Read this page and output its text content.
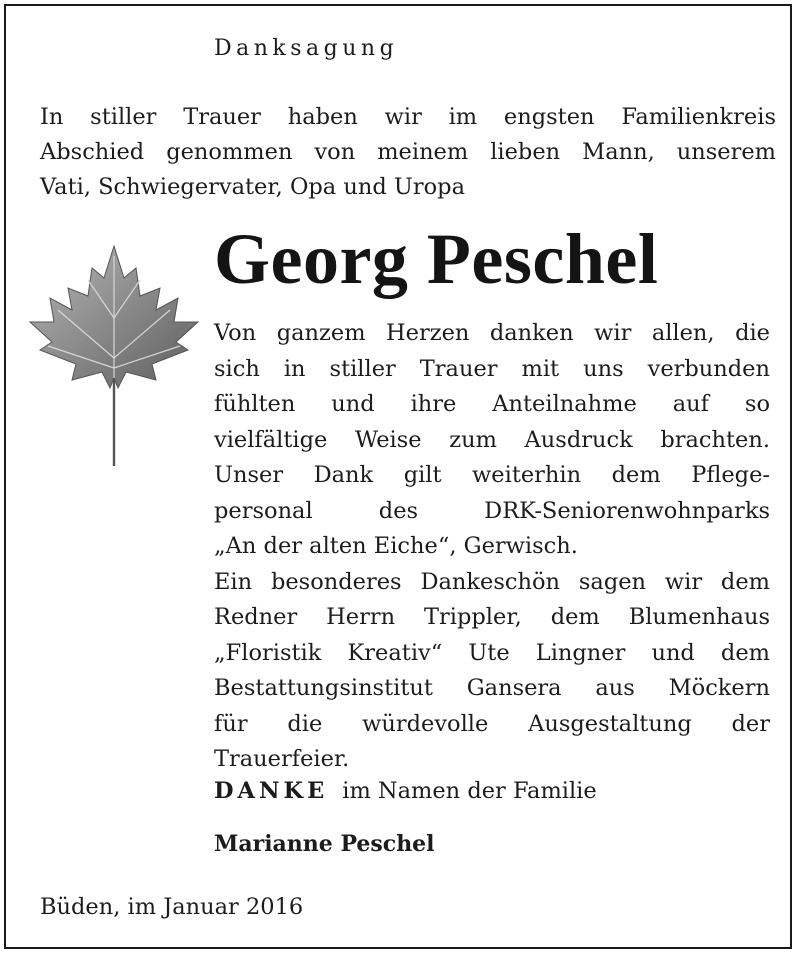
Danksagung
In stiller Trauer haben wir im engsten Familienkreis
Abschied genommen von meinem lieben Mann, unserem
Vati, Schwiegervater, Opa und Uropa
Georg Peschel
Von ganzem Herzen danken wir allen, die
sich in stiller Trauer mit uns verbunden
fühlten und ihre Anteilnahme auf so
vielfältige Weise zum Ausdruck brachten.
Unser Dank gilt weiterhin dem Pflege-
personal des DRK-Seniorenwohnparks
„An der alten Eiche“, Gerwisch.
Ein besonderes Dankeschön sagen wir dem
Redner Herrn Trippler, dem Blumenhaus
„Floristik Kreativ“ Ute Lingner und dem
Bestattungsinstitut Gansera aus Möckern
für die würdevolle Ausgestaltung der
Trauerfeier.
DANKE im Namen der Familie
Marianne Peschel
Büden, im Januar 2016
